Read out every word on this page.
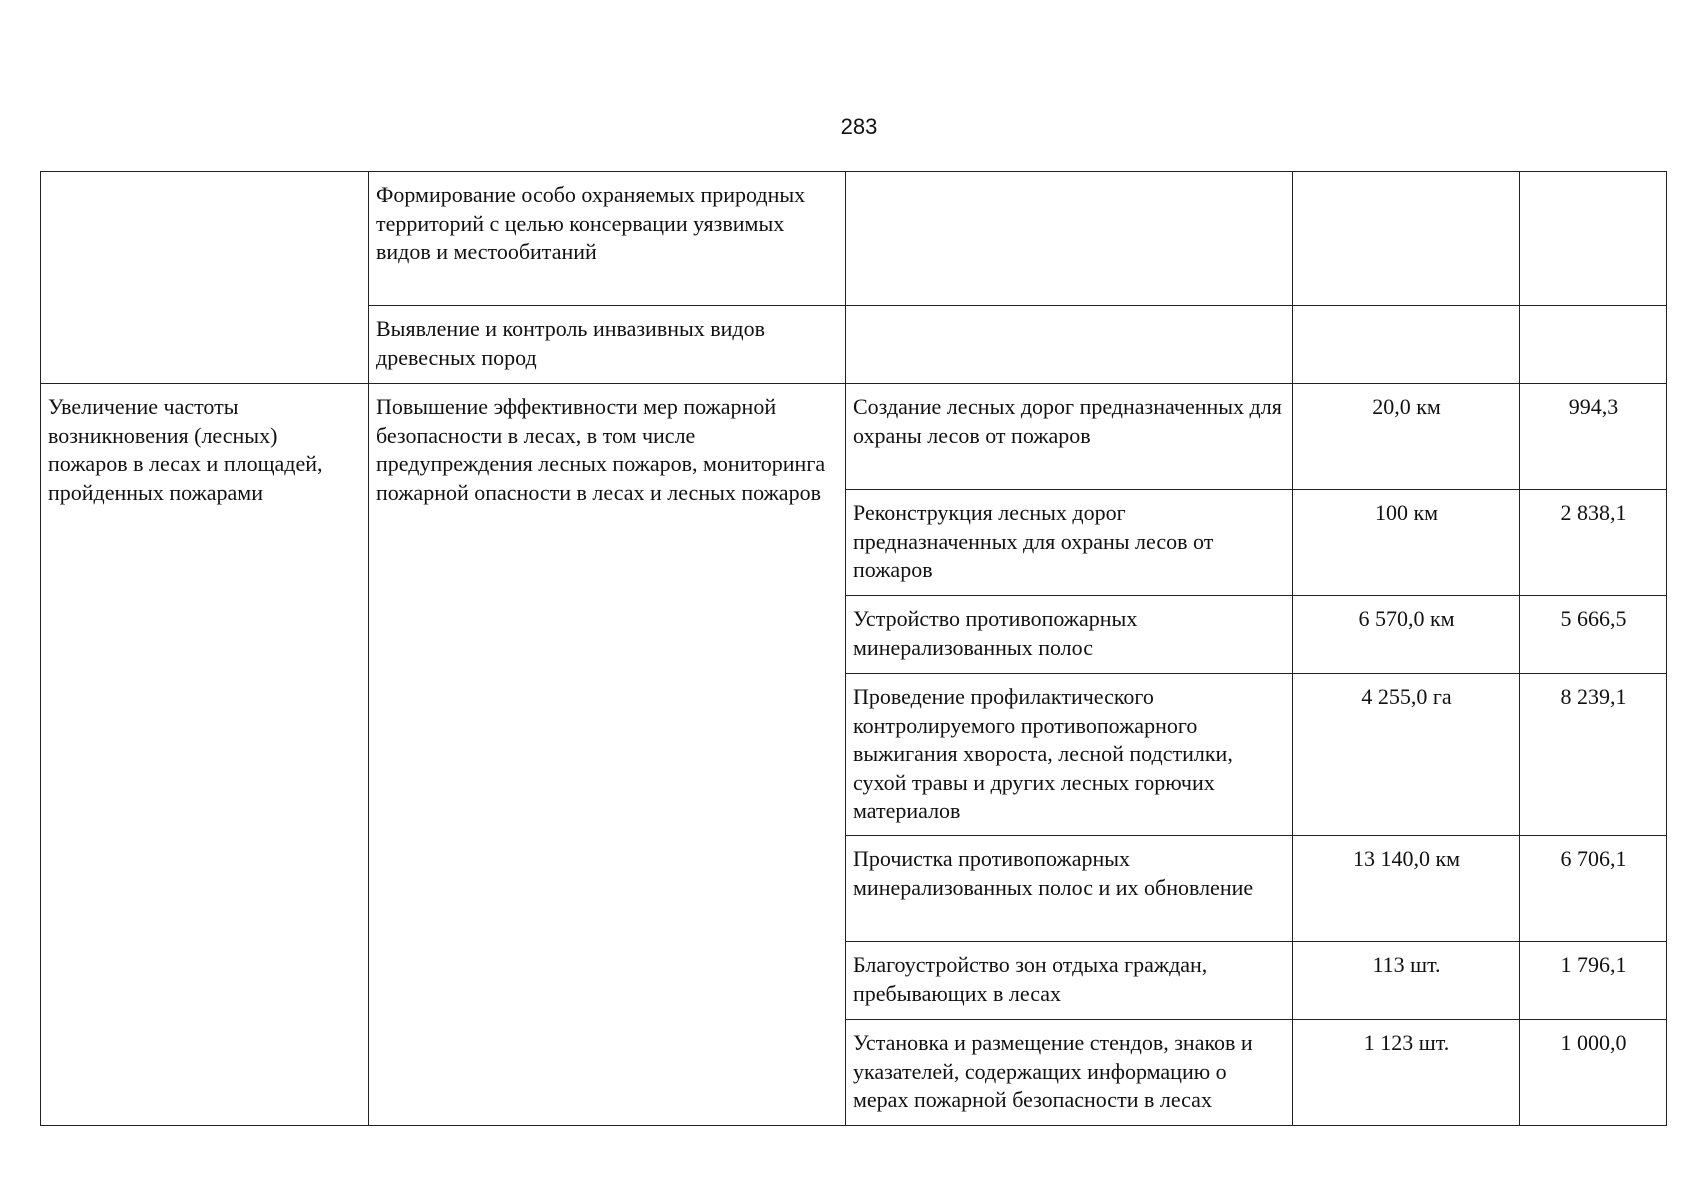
283
	Формирование особо охраняемых природных территорий с целью консервации уязвимых видов и местообитаний			
	Выявление и контроль инвазивных видов древесных пород			
Увеличение частоты возникновения (лесных) пожаров в лесах и площадей, пройденных пожарами	Повышение эффективности мер пожарной безопасности в лесах, в том числе предупреждения лесных пожаров, мониторинга пожарной опасности в лесах и лесных пожаров	Создание лесных дорог предназначенных для охраны лесов от пожаров	20,0 км	994,3
		Реконструкция лесных дорог предназначенных для охраны лесов от пожаров	100 км	2 838,1
		Устройство противопожарных минерализованных полос	6 570,0 км	5 666,5
		Проведение профилактического контролируемого противопожарного выжигания хвороста, лесной подстилки, сухой травы и других лесных горючих материалов	4 255,0 га	8 239,1
		Прочистка противопожарных минерализованных полос и их обновление	13 140,0 км	6 706,1
		Благоустройство зон отдыха граждан, пребывающих в лесах	113 шт.	1 796,1
		Установка и размещение стендов, знаков и указателей, содержащих информацию о мерах пожарной безопасности в лесах	1 123 шт.	1 000,0
